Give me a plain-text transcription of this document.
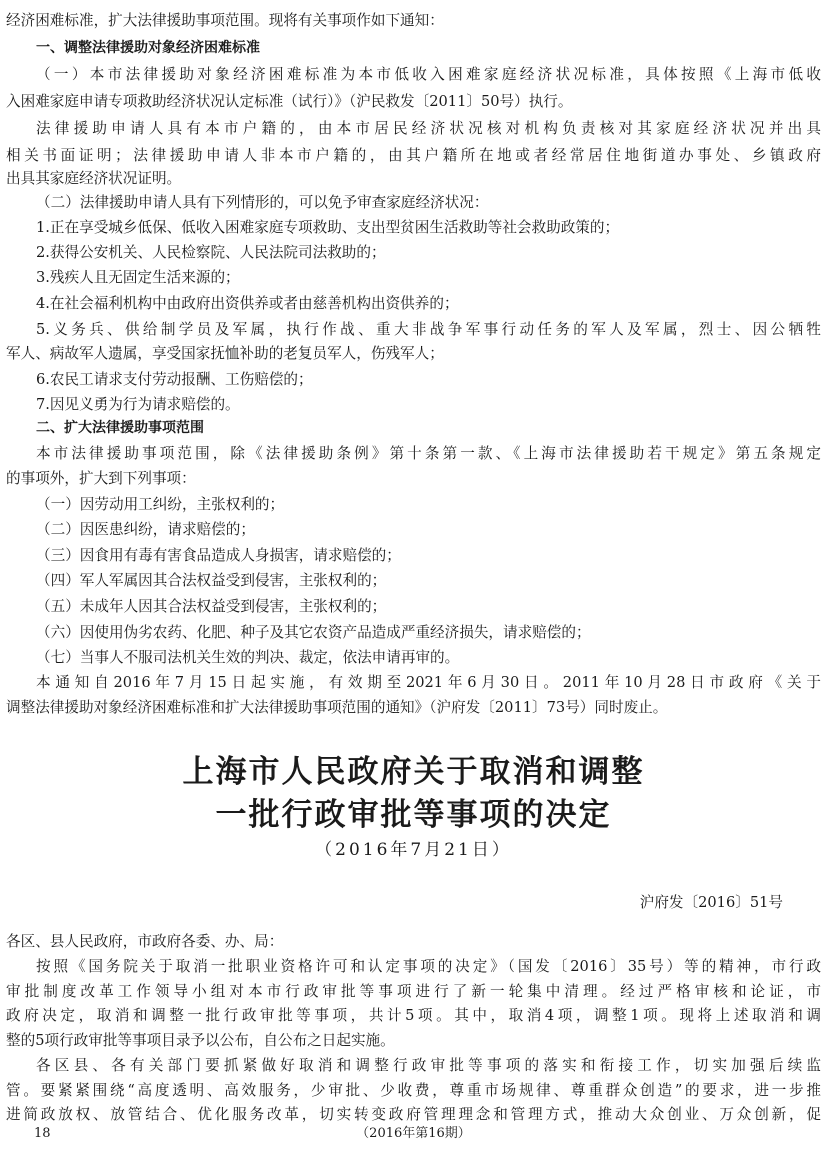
经济困难标准，扩大法律援助事项范围。现将有关事项作如下通知：
一、调整法律援助对象经济困难标准
（一）本市法律援助对象经济困难标准为本市低收入困难家庭经济状况标准，具体按照《上海市低收
入困难家庭申请专项救助经济状况认定标准（试行）》（沪民救发〔2011〕50号）执行。
法律援助申请人具有本市户籍的，由本市居民经济状况核对机构负责核对其家庭经济状况并出具
相关书面证明；法律援助申请人非本市户籍的，由其户籍所在地或者经常居住地街道办事处、乡镇政府
出具其家庭经济状况证明。
（二）法律援助申请人具有下列情形的，可以免予审查家庭经济状况：
1.正在享受城乡低保、低收入困难家庭专项救助、支出型贫困生活救助等社会救助政策的；
2.获得公安机关、人民检察院、人民法院司法救助的；
3.残疾人且无固定生活来源的；
4.在社会福利机构中由政府出资供养或者由慈善机构出资供养的；
5.义务兵、供给制学员及军属，执行作战、重大非战争军事行动任务的军人及军属，烈士、因公牺牲
军人、病故军人遗属，享受国家抚恤补助的老复员军人，伤残军人；
6.农民工请求支付劳动报酬、工伤赔偿的；
7.因见义勇为行为请求赔偿的。
二、扩大法律援助事项范围
本市法律援助事项范围，除《法律援助条例》第十条第一款、《上海市法律援助若干规定》第五条规定
的事项外，扩大到下列事项：
（一）因劳动用工纠纷，主张权利的；
（二）因医患纠纷，请求赔偿的；
（三）因食用有毒有害食品造成人身损害，请求赔偿的；
（四）军人军属因其合法权益受到侵害，主张权利的；
（五）未成年人因其合法权益受到侵害，主张权利的；
（六）因使用伪劣农药、化肥、种子及其它农资产品造成严重经济损失，请求赔偿的；
（七）当事人不服司法机关生效的判决、裁定，依法申请再审的。
本通知自2016年7月15日起实施，有效期至2021年6月30日。2011年10月28日市政府《关于
调整法律援助对象经济困难标准和扩大法律援助事项范围的通知》（沪府发〔2011〕73号）同时废止。
上海市人民政府关于取消和调整
一批行政审批等事项的决定
（2016年7月21日）
沪府发〔2016〕51号
各区、县人民政府，市政府各委、办、局：
按照《国务院关于取消一批职业资格许可和认定事项的决定》（国发〔2016〕35号）等的精神，市行政
审批制度改革工作领导小组对本市行政审批等事项进行了新一轮集中清理。经过严格审核和论证，市
政府决定，取消和调整一批行政审批等事项，共计5项。其中，取消4项，调整1项。现将上述取消和调
整的5项行政审批等事项目录予以公布，自公布之日起实施。
各区县、各有关部门要抓紧做好取消和调整行政审批等事项的落实和衔接工作，切实加强后续监
管。要紧紧围绕“高度透明、高效服务，少审批、少收费，尊重市场规律、尊重群众创造”的要求，进一步推
进简政放权、放管结合、优化服务改革，切实转变政府管理理念和管理方式，推动大众创业、万众创新，促
18	（2016年第16期）
